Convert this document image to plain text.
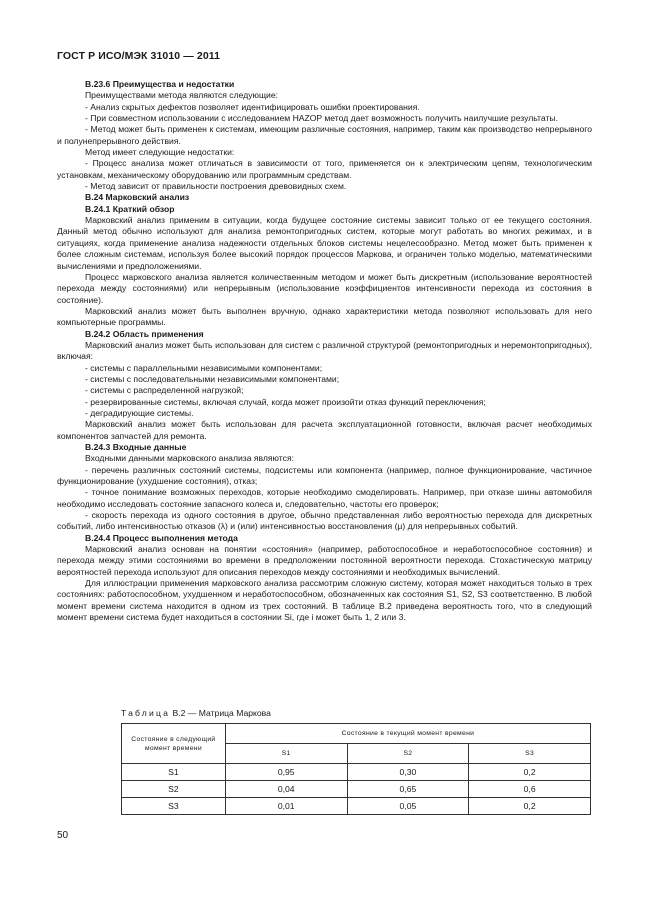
ГОСТ Р ИСО/МЭК 31010 — 2011

В.23.6 Преимущества и недостатки

Преимуществами метода являются следующие:

- Анализ скрытых дефектов позволяет идентифицировать ошибки проектирования.

- При совместном использовании с исследованием HAZOP метод дает возможность получить наилучшие результаты.

- Метод может быть применен к системам, имеющим различные состояния, например, таким как производство непрерывного и полунепрерывного действия.

Метод имеет следующие недостатки:

- Процесс анализа может отличаться в зависимости от того, применяется он к электрическим цепям, технологическим установкам, механическому оборудованию или программным средствам.

- Метод зависит от правильности построения древовидных схем.

В.24 Марковский анализ

В.24.1 Краткий обзор

Марковский анализ применим в ситуации, когда будущее состояние системы зависит только от ее текущего состояния. Данный метод обычно используют для анализа ремонтопригодных систем, которые могут работать во многих режимах, и в ситуациях, когда применение анализа надежности отдельных блоков системы нецелесообразно. Метод может быть применен к более сложным системам, используя более высокий порядок процессов Маркова, и ограничен только моделью, математическими вычислениями и предположениями.

Процесс марковского анализа является количественным методом и может быть дискретным (использование вероятностей перехода между состояниями) или непрерывным (использование коэффициентов интенсивности перехода из состояния в состояние).

Марковский анализ может быть выполнен вручную, однако характеристики метода позволяют использовать для него компьютерные программы.

В.24.2 Область применения

Марковский анализ может быть использован для систем с различной структурой (ремонтопригодных и неремонтопригодных), включая:

- системы с параллельными независимыми компонентами;

- системы с последовательными независимыми компонентами;

- системы с распределенной нагрузкой;

- резервированные системы, включая случай, когда может произойти отказ функций переключения;

- деградирующие системы.

Марковский анализ может быть использован для расчета эксплуатационной готовности, включая расчет необходимых компонентов запчастей для ремонта.

В.24.3 Входные данные

Входными данными марковского анализа являются:

- перечень различных состояний системы, подсистемы или компонента (например, полное функционирование, частичное функционирование (ухудшение состояния), отказ;

- точное понимание возможных переходов, которые необходимо смоделировать. Например, при отказе шины автомобиля необходимо исследовать состояние запасного колеса и, следовательно, частоты его проверок;

- скорость перехода из одного состояния в другое, обычно представленная либо вероятностью перехода для дискретных событий, либо интенсивностью отказов (λ) и (или) интенсивностью восстановления (μ) для непрерывных событий.

В.24.4 Процесс выполнения метода

Марковский анализ основан на понятии «состояния» (например, работоспособное и неработоспособное состояния) и перехода между этими состояниями во времени в предположении постоянной вероятности перехода. Стохастическую матрицу вероятностей перехода используют для описания переходов между состояниями и необходимых вычислений.

Для иллюстрации применения марковского анализа рассмотрим сложную систему, которая может находиться только в трех состояниях: работоспособном, ухудшенном и неработоспособном, обозначенных как состояния S1, S2, S3 соответственно. В любой момент времени система находится в одном из трех состояний. В таблице В.2 приведена вероятность того, что в следующий момент времени система будет находиться в состоянии Si, где i может быть 1, 2 или 3.

Таблица В.2 — Матрица Маркова
Состояние в следующий момент времени	Состояние в текущий момент времени		
	S1	S2	S3
S1	0,95	0,30	0,2
S2	0,04	0,65	0,6
S3	0,01	0,05	0,2
50
